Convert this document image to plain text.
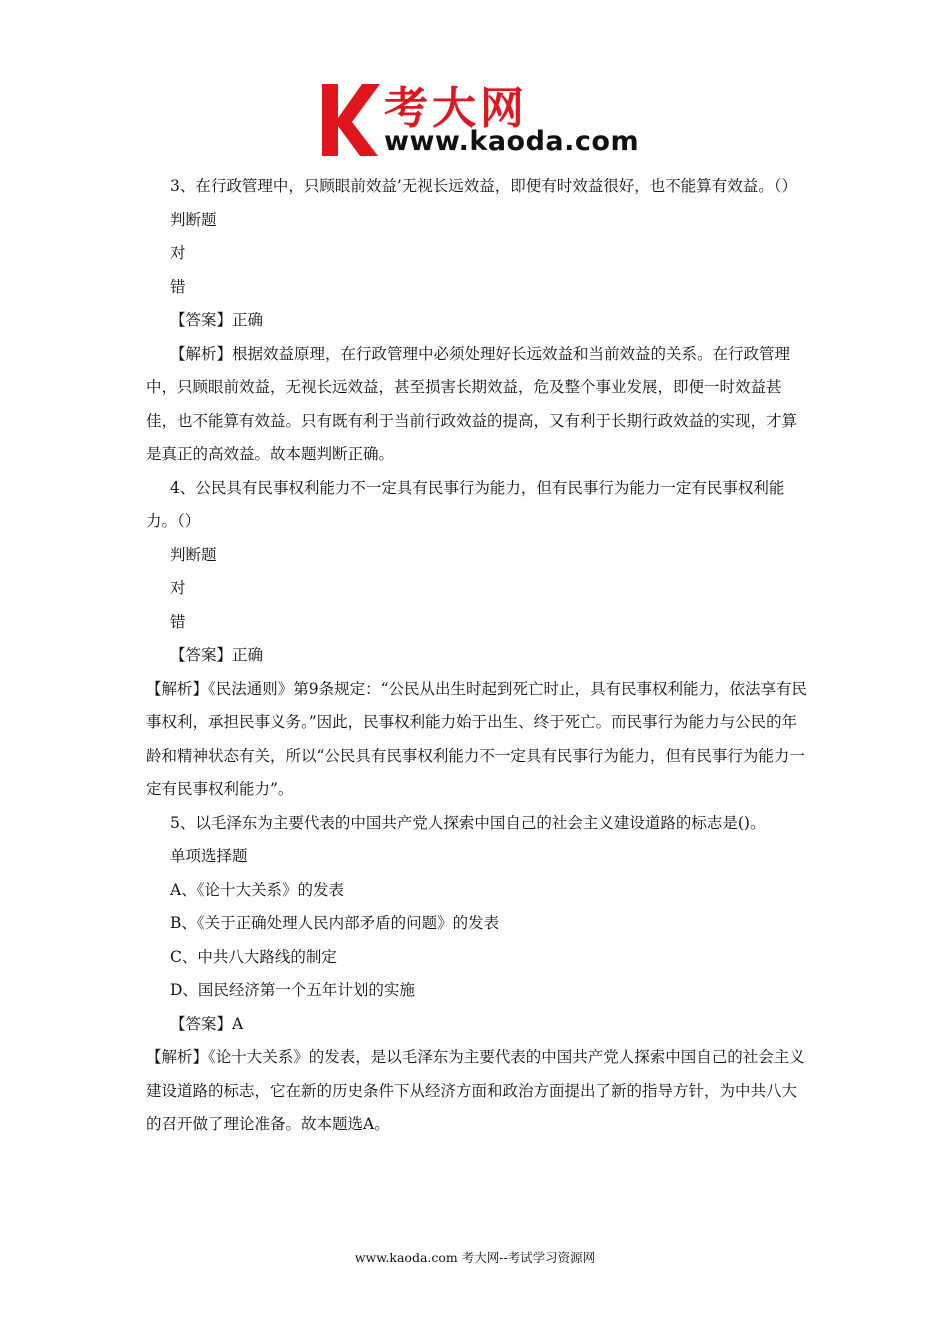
考大网
www.kaoda.com

3、在行政管理中，只顾眼前效益’无视长远效益，即便有时效益很好，也不能算有效益。（）

判断题

对

错

【答案】正确

【解析】根据效益原理，在行政管理中必须处理好长远效益和当前效益的关系。在行政管理中，只顾眼前效益，无视长远效益，甚至损害长期效益，危及整个事业发展，即便一时效益甚佳，也不能算有效益。只有既有利于当前行政效益的提高，又有利于长期行政效益的实现，才算是真正的高效益。故本题判断正确。

4、公民具有民事权利能力不一定具有民事行为能力，但有民事行为能力一定有民事权利能力。（）

判断题

对

错

【答案】正确

【解析】《民法通则》第9条规定：“公民从出生时起到死亡时止，具有民事权利能力，依法享有民事权利，承担民事义务。”因此，民事权利能力始于出生、终于死亡。而民事行为能力与公民的年龄和精神状态有关，所以“公民具有民事权利能力不一定具有民事行为能力，但有民事行为能力一定有民事权利能力”。

5、以毛泽东为主要代表的中国共产党人探索中国自己的社会主义建设道路的标志是()。

单项选择题

A、《论十大关系》的发表

B、《关于正确处理人民内部矛盾的问题》的发表

C、中共八大路线的制定

D、国民经济第一个五年计划的实施

【答案】A

【解析】《论十大关系》的发表，是以毛泽东为主要代表的中国共产党人探索中国自己的社会主义建设道路的标志，它在新的历史条件下从经济方面和政治方面提出了新的指导方针，为中共八大的召开做了理论准备。故本题选A。

www.kaoda.com 考大网--考试学习资源网
